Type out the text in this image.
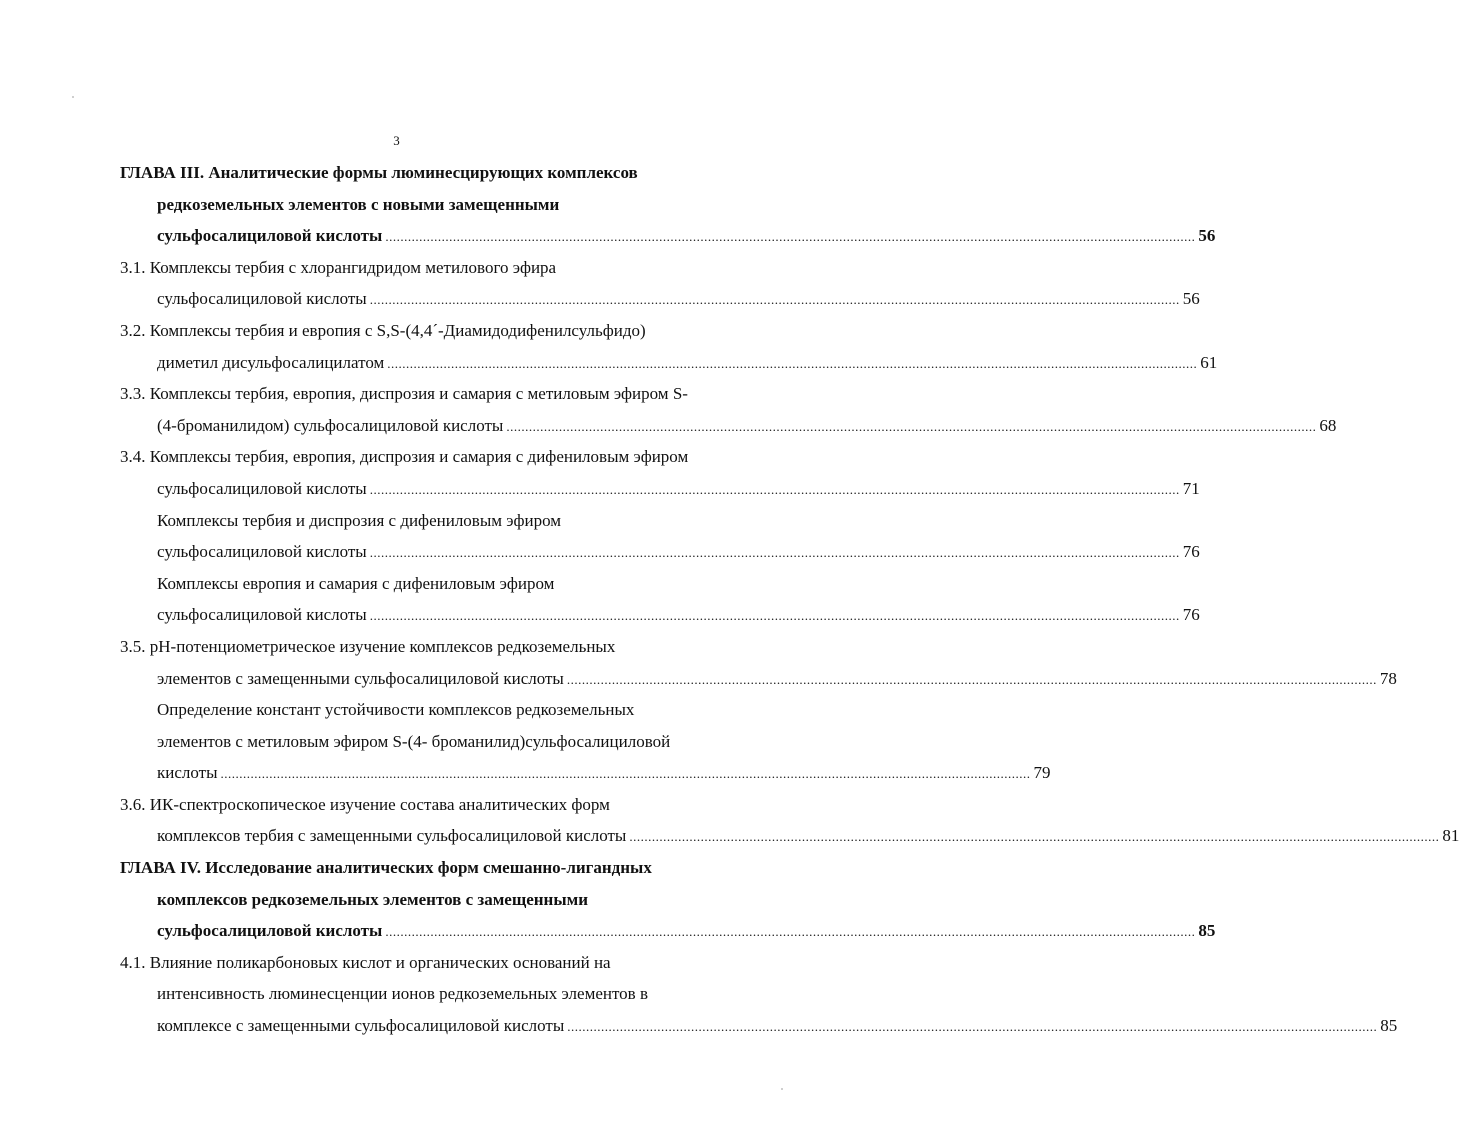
3
ГЛАВА III. Аналитические формы люминесцирующих комплексов
редкоземельных элементов с новыми замещенными
сульфосалициловой кислоты .....	56
3.1. Комплексы тербия с хлорангидридом метилового эфира
сульфосалициловой кислоты .....	56
3.2. Комплексы тербия и европия с S,S-(4,4´-Диамидодифенилсульфидо)
диметил дисульфосалицилатом .....	61
3.3. Комплексы тербия, европия, диспрозия и самария с метиловым эфиром S-
(4-броманилидом) сульфосалициловой кислоты .....	68
3.4. Комплексы тербия, европия, диспрозия и самария с дифениловым эфиром
сульфосалициловой кислоты .....	71
Комплексы тербия и диспрозия с дифениловым эфиром
сульфосалициловой кислоты .....	76
Комплексы европия и самария с дифениловым эфиром
сульфосалициловой кислоты .....	76
3.5. рН-потенциометрическое изучение комплексов редкоземельных
элементов с замещенными сульфосалициловой кислоты .....	78
Определение констант устойчивости комплексов редкоземельных
элементов с метиловым эфиром S-(4- броманилид)сульфосалициловой
кислоты .....	79
3.6. ИК-спектроскопическое изучение состава аналитических форм
комплексов тербия с замещенными сульфосалициловой кислоты .....	81
ГЛАВА IV. Исследование аналитических форм смешанно-лигандных
комплексов редкоземельных элементов с замещенными
сульфосалициловой кислоты .....	85
4.1. Влияние поликарбоновых кислот и органических оснований на
интенсивность люминесценции ионов редкоземельных элементов в
комплексе с замещенными сульфосалициловой кислоты .....	85
